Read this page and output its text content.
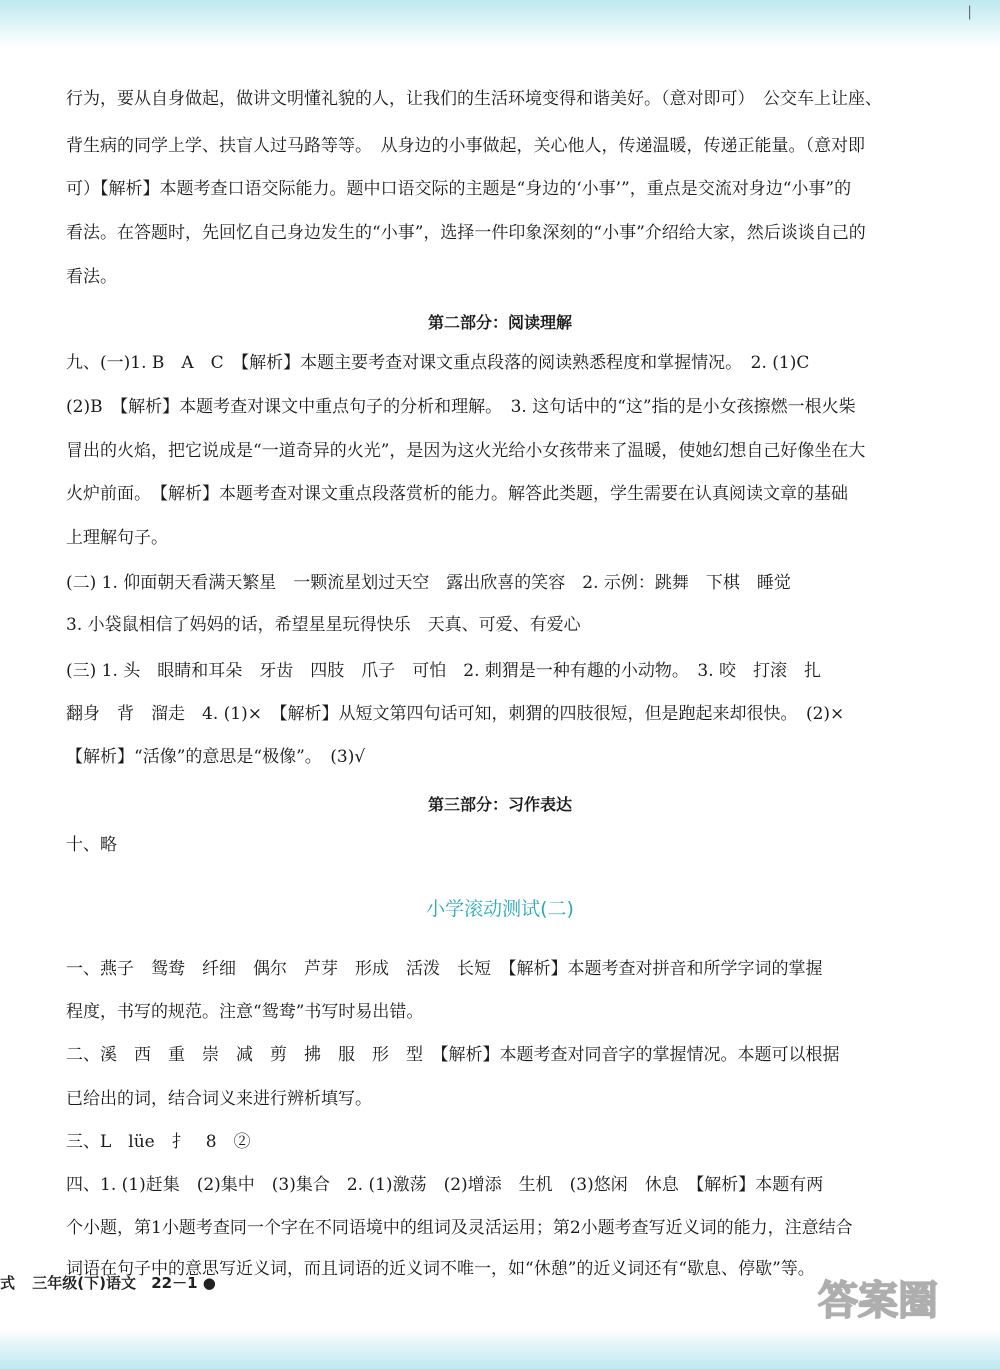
|
行为，要从自身做起，做讲文明懂礼貌的人，让我们的生活环境变得和谐美好。（意对即可）　公交车上让座、
背生病的同学上学、扶盲人过马路等等。　从身边的小事做起，关心他人，传递温暖，传递正能量。（意对即
可）【解析】本题考查口语交际能力。题中口语交际的主题是“身边的‘小事’”，重点是交流对身边“小事”的
看法。在答题时，先回忆自己身边发生的“小事”，选择一件印象深刻的“小事”介绍给大家，然后谈谈自己的
看法。
第二部分：阅读理解
九、(一)1. B　A　C　【解析】本题主要考查对课文重点段落的阅读熟悉程度和掌握情况。　2. (1)C
(2)B　【解析】本题考查对课文中重点句子的分析和理解。　3. 这句话中的“这”指的是小女孩擦燃一根火柴
冒出的火焰，把它说成是“一道奇异的火光”，是因为这火光给小女孩带来了温暖，使她幻想自己好像坐在大
火炉前面。　【解析】本题考查对课文重点段落赏析的能力。解答此类题，学生需要在认真阅读文章的基础
上理解句子。
(二) 1. 仰面朝天看满天繁星　一颗流星划过天空　露出欣喜的笑容　2. 示例：跳舞　下棋　睡觉
3. 小袋鼠相信了妈妈的话，希望星星玩得快乐　天真、可爱、有爱心
(三) 1. 头　眼睛和耳朵　牙齿　四肢　爪子　可怕　2. 刺猬是一种有趣的小动物。　3. 咬　打滚　扎
翻身　背　溜走　4. (1)×　【解析】从短文第四句话可知，刺猬的四肢很短，但是跑起来却很快。　(2)×
【解析】“活像”的意思是“极像”。　(3)√
第三部分：习作表达
十、略
小学滚动测试(二)
一、燕子　鸳鸯　纤细　偶尔　芦芽　形成　活泼　长短　【解析】本题考查对拼音和所学字词的掌握
程度，书写的规范。注意“鸳鸯”书写时易出错。
二、溪　西　重　崇　减　剪　拂　服　形　型　【解析】本题考查对同音字的掌握情况。本题可以根据
已给出的词，结合词义来进行辨析填写。
三、L　lüe　扌　8　②
四、1. (1)赶集　(2)集中　(3)集合　2. (1)激荡　(2)增添　生机　(3)悠闲　休息　【解析】本题有两
个小题，第1小题考查同一个字在不同语境中的组词及灵活运用；第2小题考查写近义词的能力，注意结合
词语在句子中的意思写近义词，而且词语的近义词不唯一，如“休憩”的近义词还有“歇息、停歇”等。
式 三年级(下)语文 22－1 ●	答案圈
